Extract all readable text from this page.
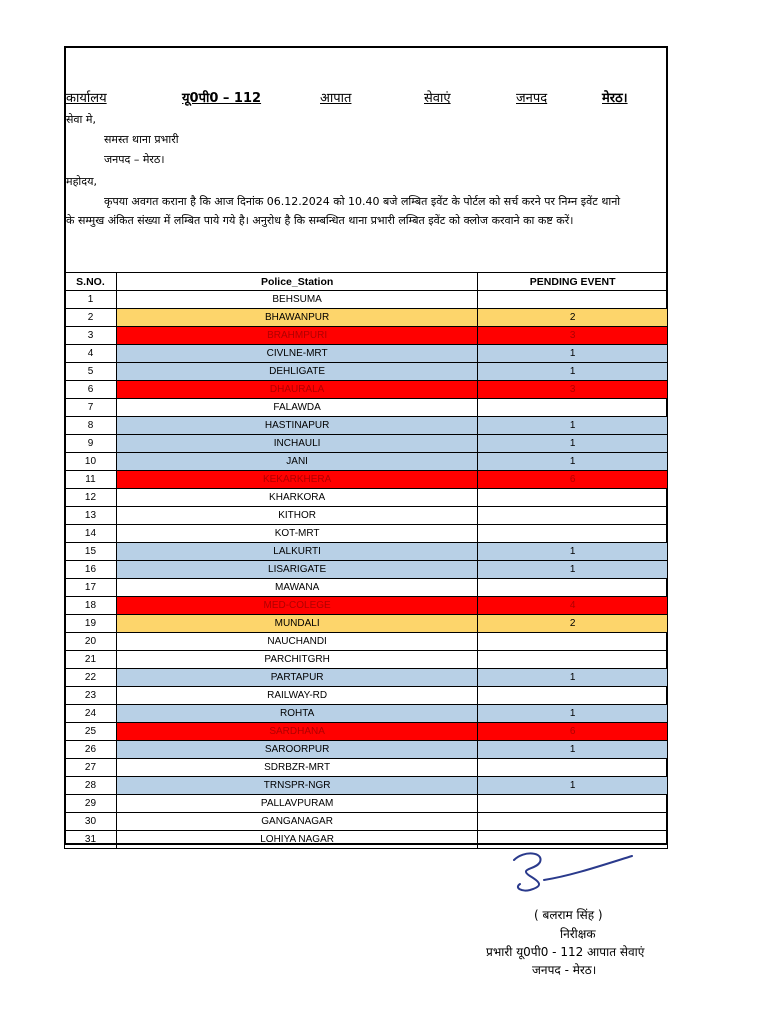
कार्यालय	यू0पी0 – 112	आपात	सेवाएं	जनपद	मेरठ।
सेवा मे,
समस्त थाना प्रभारी
जनपद – मेरठ।
महोदय,
कृपया अवगत कराना है कि आज दिनांक 06.12.2024 को 10.40 बजे लम्बित इवेंट के पोर्टल को सर्च करने पर निम्न इवेंट थानो
के सम्मुख अंकित संख्या में लम्बित पाये गये है। अनुरोध है कि सम्बन्धित थाना प्रभारी लम्बित इवेंट को क्लोज करवाने का कष्ट करें।
S.NO.	Police_Station	PENDING EVENT
1	BEHSUMA	
2	BHAWANPUR	2
3	BRAHMPURI	3
4	CIVLNE-MRT	1
5	DEHLIGATE	1
6	DHAURALA	3
7	FALAWDA	
8	HASTINAPUR	1
9	INCHAULI	1
10	JANI	1
11	KEKARKHERA	6
12	KHARKORA	
13	KITHOR	
14	KOT-MRT	
15	LALKURTI	1
16	LISARIGATE	1
17	MAWANA	
18	MED-COLEGE	4
19	MUNDALI	2
20	NAUCHANDI	
21	PARCHITGRH	
22	PARTAPUR	1
23	RAILWAY-RD	
24	ROHTA	1
25	SARDHANA	6
26	SAROORPUR	1
27	SDRBZR-MRT	
28	TRNSPR-NGR	1
29	PALLAVPURAM	
30	GANGANAGAR	
31	LOHIYA NAGAR	
( बलराम सिंह )
निरीक्षक
प्रभारी यू0पी0 - 112 आपात सेवाएं
जनपद - मेरठ।
